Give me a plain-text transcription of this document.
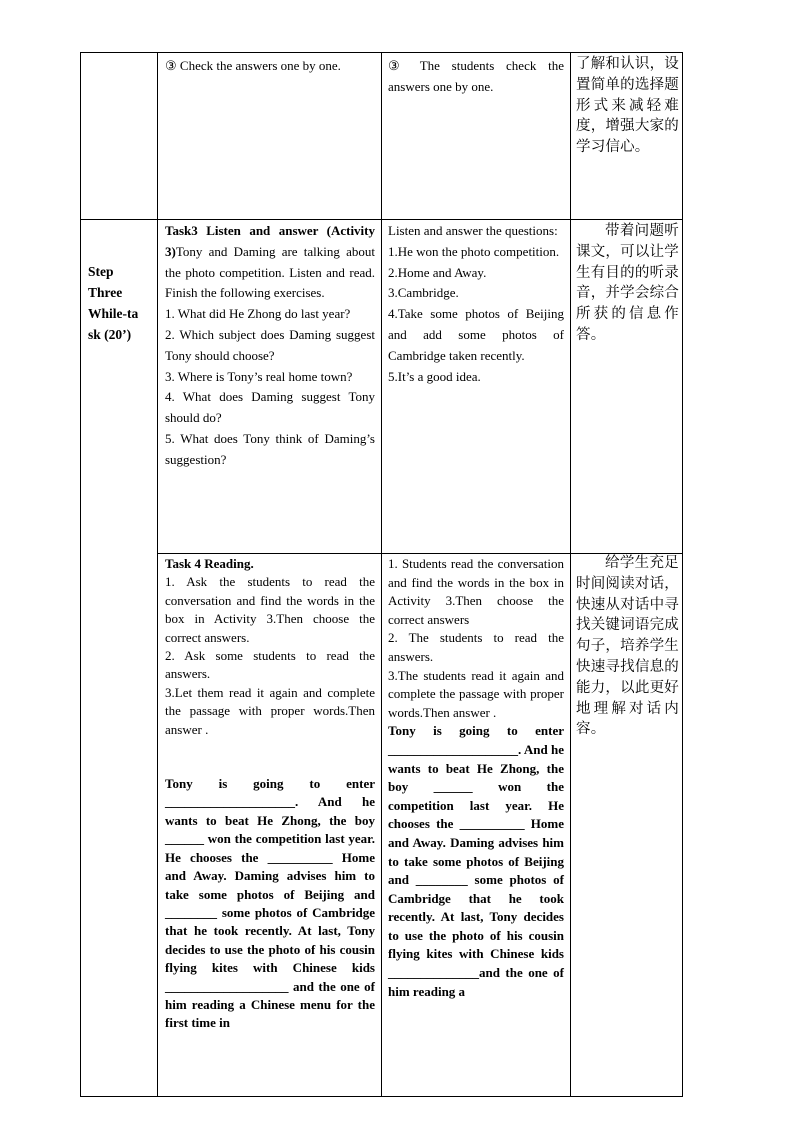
③ Check the answers one by one.	③ The students check the answers one by one.

了解和认识，设置简单的选择题形式来减轻难度，增强大家的学习信心。

Step
Three
While-ta
sk (20’)

Task3 Listen and answer (Activity 3)Tony and Daming are talking about the photo competition. Listen and read. Finish the following exercises.

1. What did He Zhong do last year?

2. Which subject does Daming suggest Tony should choose?

3. Where is Tony’s real home town?

4. What does Daming suggest Tony should do?

5. What does Tony think of Daming’s suggestion?

Listen and answer the questions:

1.He won the photo competition.

2.Home and Away.

3.Cambridge.

4.Take some photos of Beijing and add some photos of Cambridge taken recently.

5.It’s a good idea.

带着问题听课文，可以让学生有目的的听录音，并学会综合所获的信息作答。

Task 4 Reading.

1. Ask the students to read the conversation and find the words in the box in Activity 3.Then choose the correct answers.

2. Ask some students to read the answers.

3.Let them read it again and complete the passage with proper words.Then answer .

Tony is going to enter ____________________. And he wants to beat He Zhong, the boy ______ won the competition last year. He chooses the __________ Home and Away. Daming advises him to take some photos of Beijing and ________ some photos of Cambridge that he took recently. At last, Tony decides to use the photo of his cousin flying kites with Chinese kids ___________________ and the one of him reading a Chinese menu for the first time in

1. Students read the conversation and find the words in the box in Activity 3.Then choose the correct answers

2. The students to read the answers.

3.The students read it again and complete the passage with proper words.Then answer .

Tony is going to enter ____________________. And he wants to beat He Zhong, the boy ______ won the competition last year. He chooses the __________ Home and Away. Daming advises him to take some photos of Beijing and ________ some photos of Cambridge that he took recently. At last, Tony decides to use the photo of his cousin flying kites with Chinese kids ______________and the one of him reading a

给学生充足时间阅读对话，快速从对话中寻找关键词语完成句子，培养学生快速寻找信息的能力，以此更好地理解对话内容。
